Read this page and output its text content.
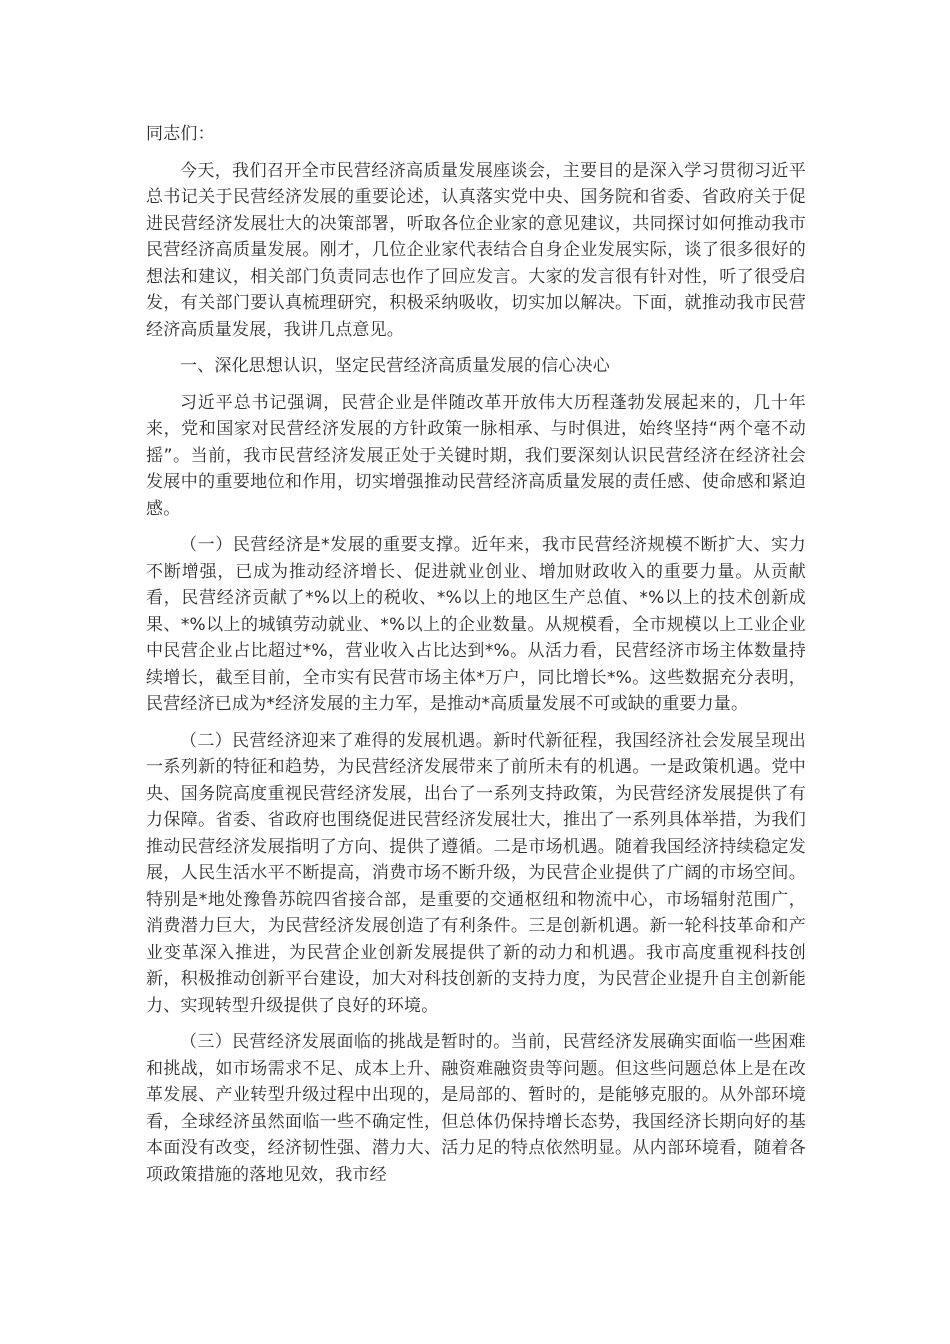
同志们：

今天，我们召开全市民营经济高质量发展座谈会，主要目的是深入学习贯彻习近平总书记关于民营经济发展的重要论述，认真落实党中央、国务院和省委、省政府关于促进民营经济发展壮大的决策部署，听取各位企业家的意见建议，共同探讨如何推动我市民营经济高质量发展。刚才，几位企业家代表结合自身企业发展实际，谈了很多很好的想法和建议，相关部门负责同志也作了回应发言。大家的发言很有针对性，听了很受启发，有关部门要认真梳理研究，积极采纳吸收，切实加以解决。下面，就推动我市民营经济高质量发展，我讲几点意见。

一、深化思想认识，坚定民营经济高质量发展的信心决心

习近平总书记强调，民营企业是伴随改革开放伟大历程蓬勃发展起来的，几十年来，党和国家对民营经济发展的方针政策一脉相承、与时俱进，始终坚持“两个毫不动摇”。当前，我市民营经济发展正处于关键时期，我们要深刻认识民营经济在经济社会发展中的重要地位和作用，切实增强推动民营经济高质量发展的责任感、使命感和紧迫感。

（一）民营经济是*发展的重要支撑。近年来，我市民营经济规模不断扩大、实力不断增强，已成为推动经济增长、促进就业创业、增加财政收入的重要力量。从贡献看，民营经济贡献了*%以上的税收、*%以上的地区生产总值、*%以上的技术创新成果、*%以上的城镇劳动就业、*%以上的企业数量。从规模看，全市规模以上工业企业中民营企业占比超过*%，营业收入占比达到*%。从活力看，民营经济市场主体数量持续增长，截至目前，全市实有民营市场主体*万户，同比增长*%。这些数据充分表明，民营经济已成为*经济发展的主力军，是推动*高质量发展不可或缺的重要力量。

（二）民营经济迎来了难得的发展机遇。新时代新征程，我国经济社会发展呈现出一系列新的特征和趋势，为民营经济发展带来了前所未有的机遇。一是政策机遇。党中央、国务院高度重视民营经济发展，出台了一系列支持政策，为民营经济发展提供了有力保障。省委、省政府也围绕促进民营经济发展壮大，推出了一系列具体举措，为我们推动民营经济发展指明了方向、提供了遵循。二是市场机遇。随着我国经济持续稳定发展，人民生活水平不断提高，消费市场不断升级，为民营企业提供了广阔的市场空间。特别是*地处豫鲁苏皖四省接合部，是重要的交通枢纽和物流中心，市场辐射范围广，消费潜力巨大，为民营经济发展创造了有利条件。三是创新机遇。新一轮科技革命和产业变革深入推进，为民营企业创新发展提供了新的动力和机遇。我市高度重视科技创新，积极推动创新平台建设，加大对科技创新的支持力度，为民营企业提升自主创新能力、实现转型升级提供了良好的环境。

（三）民营经济发展面临的挑战是暂时的。当前，民营经济发展确实面临一些困难和挑战，如市场需求不足、成本上升、融资难融资贵等问题。但这些问题总体上是在改革发展、产业转型升级过程中出现的，是局部的、暂时的，是能够克服的。从外部环境看，全球经济虽然面临一些不确定性，但总体仍保持增长态势，我国经济长期向好的基本面没有改变，经济韧性强、潜力大、活力足的特点依然明显。从内部环境看，随着各项政策措施的落地见效，我市经
